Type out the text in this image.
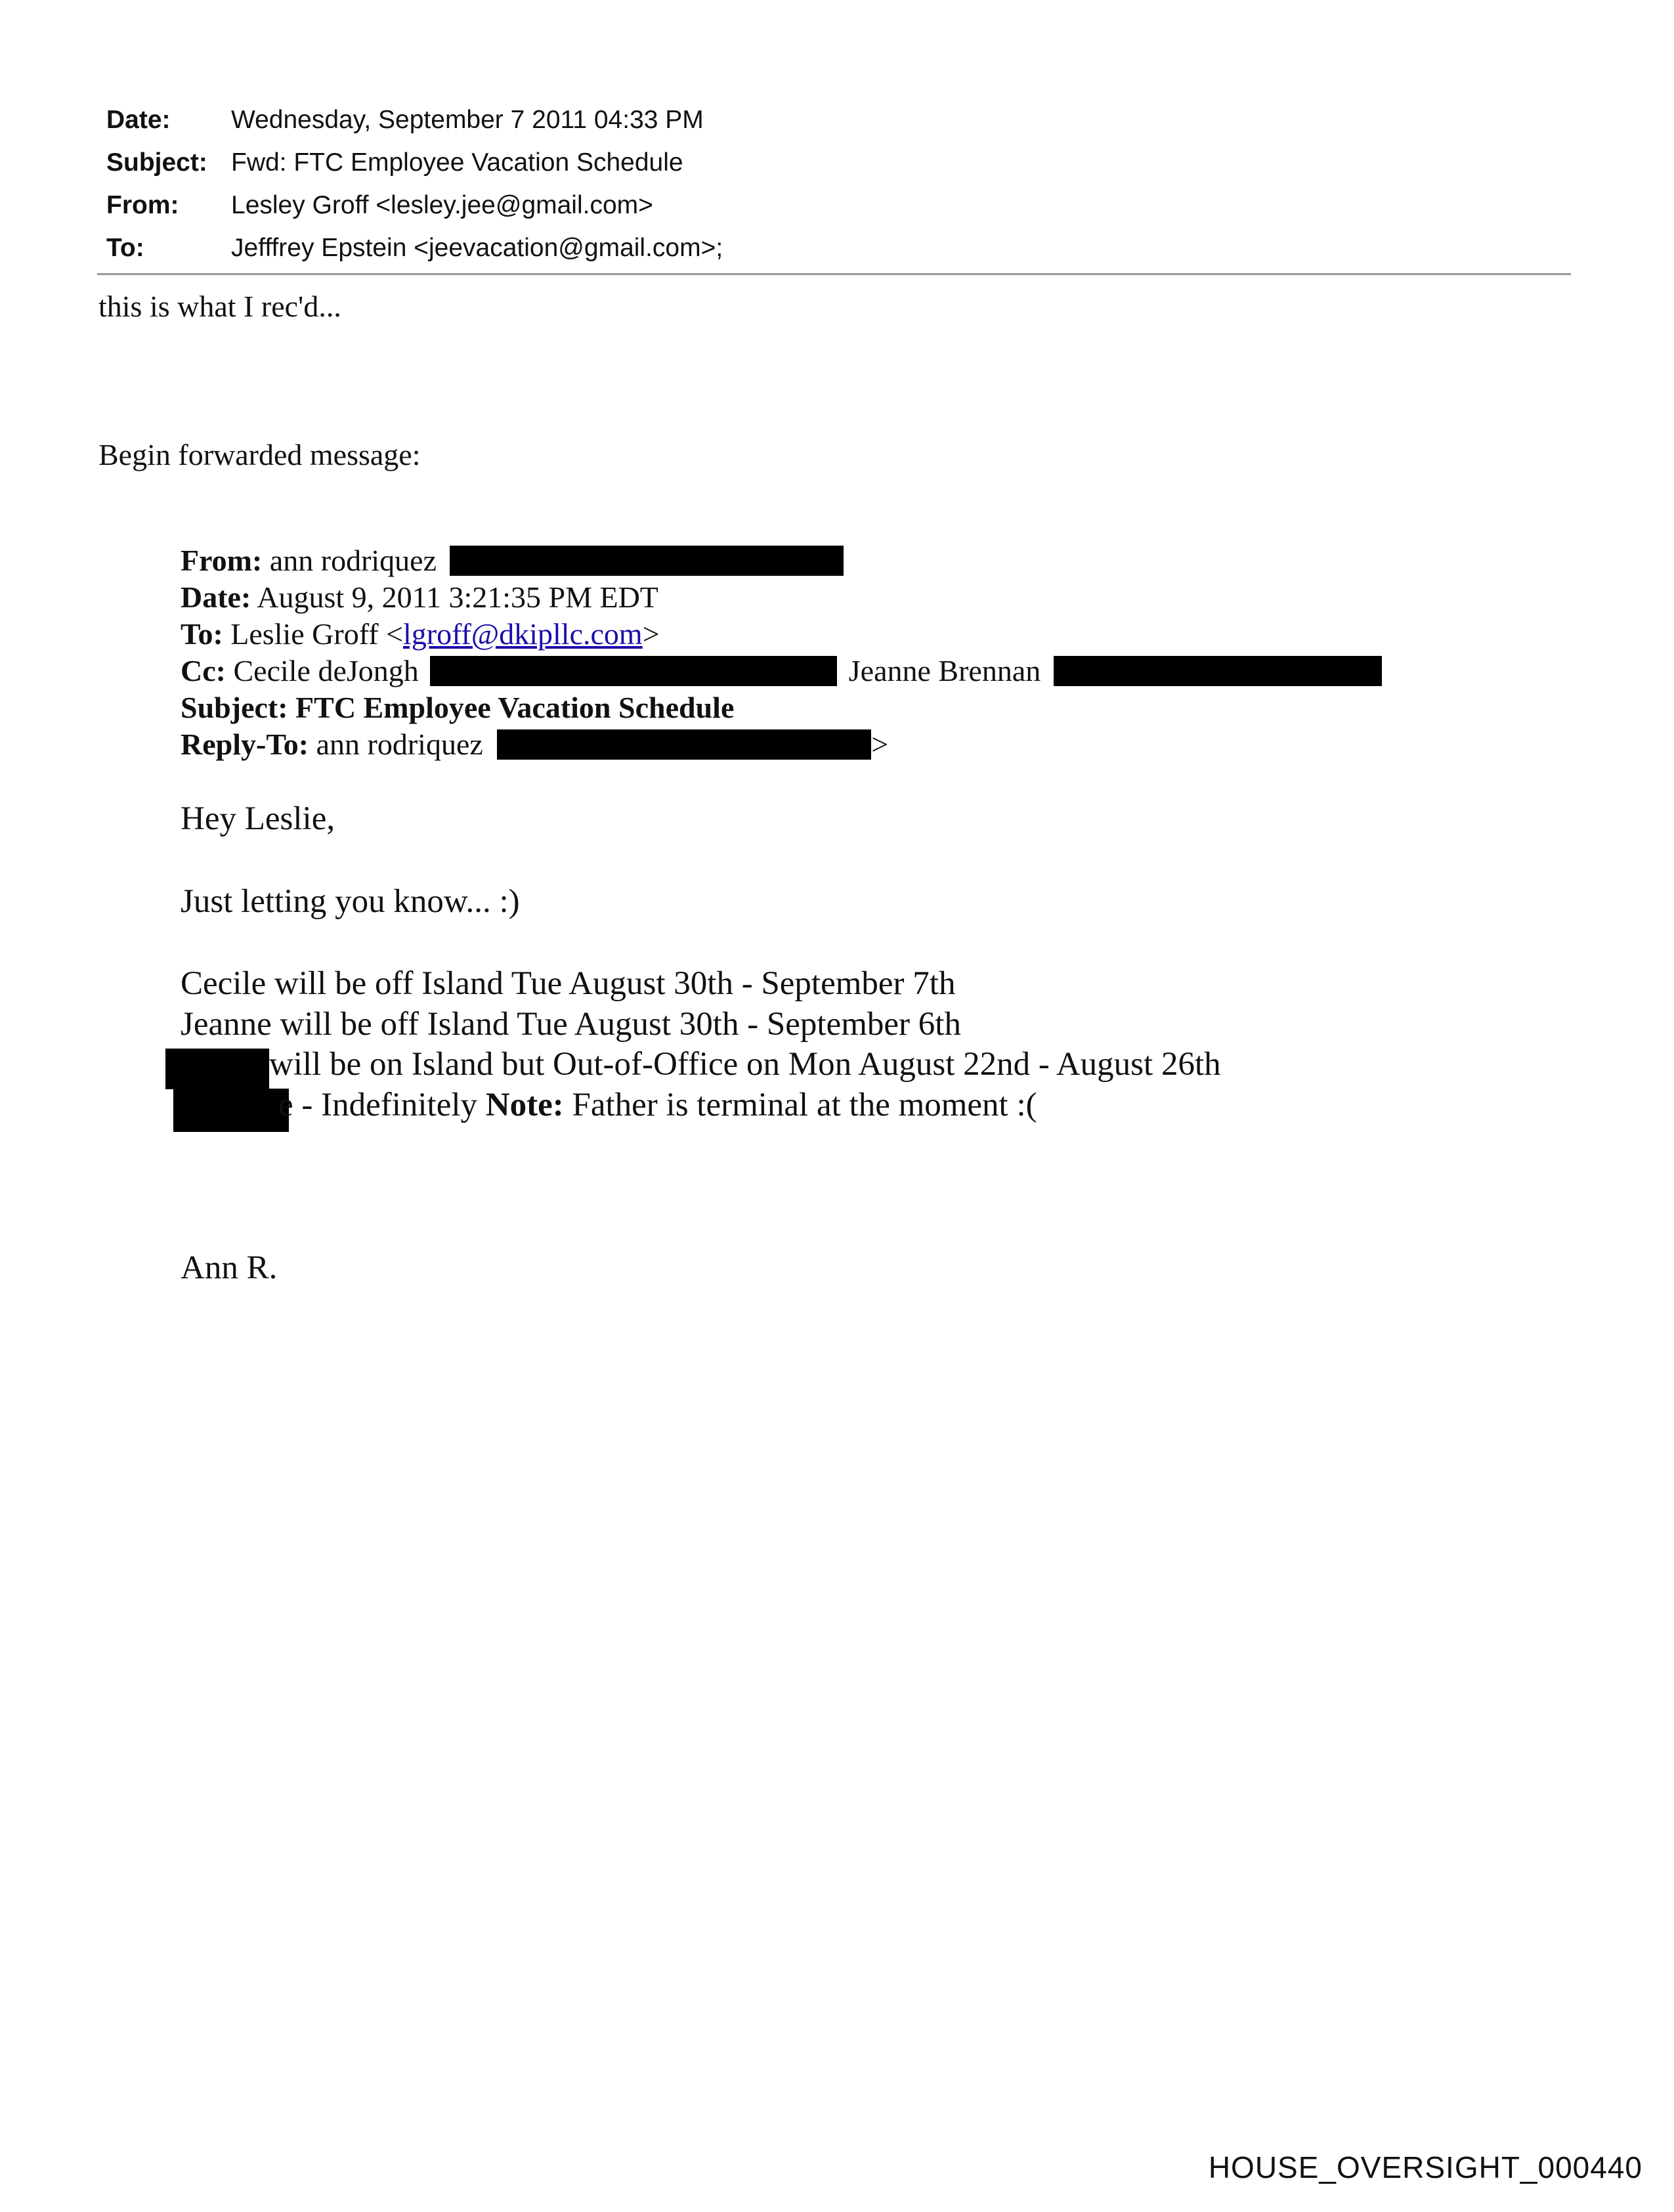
Date:	Wednesday, September 7 2011 04:33 PM
Subject: Fwd: FTC Employee Vacation Schedule
From:	Lesley Groff <lesley.jee@gmail.com>
To:	Jefffrey Epstein <jeevacation@gmail.com>;
this is what I rec'd...
Begin forwarded message:
From: ann rodriquez
Date: August 9, 2011 3:21:35 PM EDT
To: Leslie Groff <lgroff@dkipllc.com>
Cc: Cecile deJongh	Jeanne Brennan
Subject: FTC Employee Vacation Schedule
Reply-To: ann rodriquez	>
Hey Leslie,
Just letting you know... :)
Cecile will be off Island Tue August 30th - September 7th
Jeanne will be off Island Tue August 30th - September 6th
will be on Island but Out-of-Office on Mon August 22nd - August 26th
e - Indefinitely Note: Father is terminal at the moment :(
Ann R.
HOUSE_OVERSIGHT_000440
